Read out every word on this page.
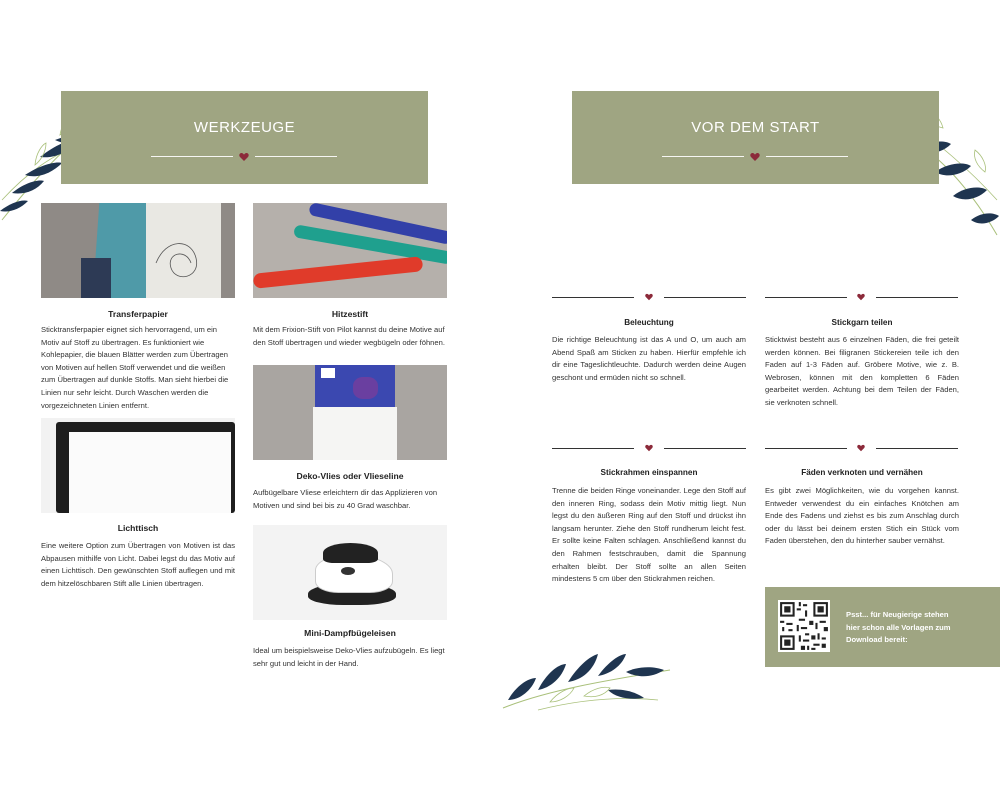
WERKZEUGE
Transferpapier

Sticktransferpapier eignet sich hervorragend, um ein Motiv auf Stoff zu übertragen. Es funktioniert wie Kohlepapier, die blauen Blätter werden zum Übertragen von Motiven auf hellen Stoff verwendet und die weißen zum Übertragen auf dunkle Stoffs. Man sieht hierbei die Linien nur sehr leicht. Durch Waschen werden die vorgezeichneten Linien entfernt.

Hitzestift

Mit dem Frixion-Stift von Pilot kannst du deine Motive auf den Stoff übertragen und wieder wegbügeln oder föhnen.

Deko-Vlies oder Vlieseline

Aufbügelbare Vliese erleichtern dir das Applizieren von Motiven und sind bei bis zu 40 Grad waschbar.

Lichttisch

Eine weitere Option zum Übertragen von Motiven ist das Abpausen mithilfe von Licht. Dabei legst du das Motiv auf einen Lichttisch. Den gewünschten Stoff auflegen und mit dem hitzelöschbaren Stift alle Linien übertragen.

Mini-Dampfbügeleisen

Ideal um beispielsweise Deko-Vlies aufzubügeln. Es liegt sehr gut und leicht in der Hand.

VOR DEM START
Beleuchtung

Die richtige Beleuchtung ist das A und O, um auch am Abend Spaß am Sticken zu haben. Hierfür empfehle ich dir eine Tageslichtleuchte. Dadurch werden deine Augen geschont und ermüden nicht so schnell.

Stickgarn teilen

Sticktwist besteht aus 6 einzelnen Fäden, die frei geteilt werden können. Bei filigranen Stickereien teile ich den Faden auf 1-3 Fäden auf. Gröbere Motive, wie z. B. Webrosen, können mit den kompletten 6 Fäden gearbeitet werden. Achtung bei dem Teilen der Fäden, sie verknoten schnell.

Stickrahmen einspannen

Trenne die beiden Ringe voneinander. Lege den Stoff auf den inneren Ring, sodass dein Motiv mittig liegt. Nun legst du den äußeren Ring auf den Stoff und drückst ihn langsam herunter. Ziehe den Stoff rundherum leicht fest. Er sollte keine Falten schlagen. Anschließend kannst du den Rahmen festschrauben, damit die Spannung erhalten bleibt. Der Stoff sollte an allen Seiten mindestens 5 cm über den Stickrahmen reichen.

Fäden verknoten und vernähen

Es gibt zwei Möglichkeiten, wie du vorgehen kannst. Entweder verwendest du ein einfaches Knötchen am Ende des Fadens und ziehst es bis zum Anschlag durch oder du lässt bei deinem ersten Stich ein Stück vom Faden überstehen, den du hinterher sauber vernähst.

Psst... für Neugierige stehen hier schon alle Vorlagen zum Download bereit:
